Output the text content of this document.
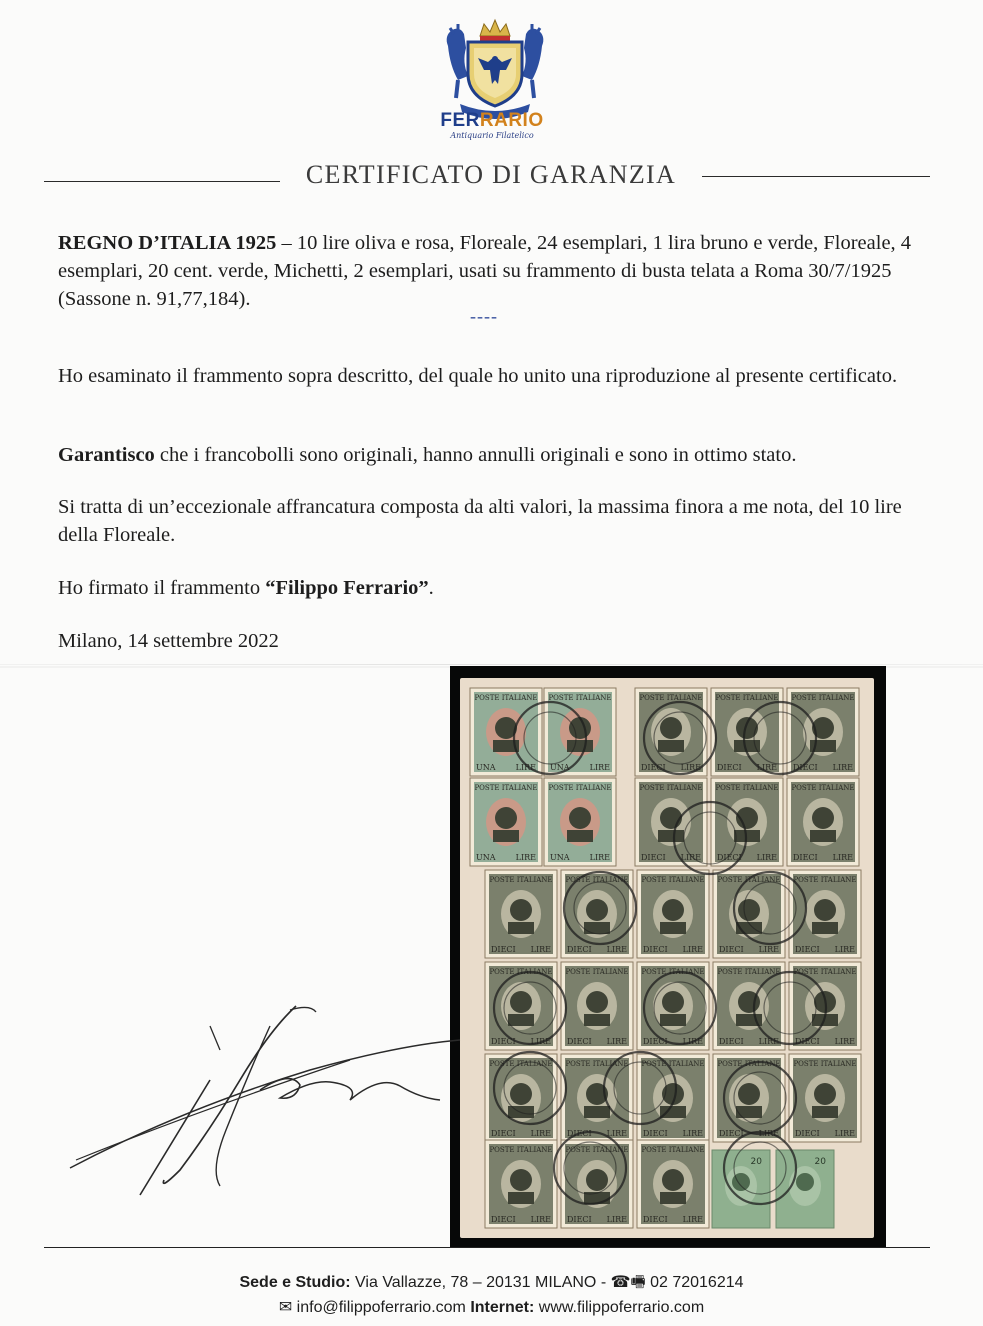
FERRARIO
Antiquario Filatelico
CERTIFICATO DI GARANZIA
REGNO D’ITALIA 1925 – 10 lire oliva e rosa, Floreale, 24 esemplari, 1 lira bruno e verde, Floreale, 4 esemplari, 20 cent. verde, Michetti, 2 esemplari, usati su frammento di busta telata a Roma 30/7/1925 (Sassone n. 91,77,184).
----
Ho esaminato il frammento sopra descritto, del quale ho unito una riproduzione al presente certificato.
Garantisco che i francobolli sono originali, hanno annulli originali e sono in ottimo stato.
Si tratta di un’eccezionale affrancatura composta da alti valori, la massima finora a me nota, del 10 lire della Floreale.
Ho firmato il frammento “Filippo Ferrario”.
Milano, 14 settembre 2022
POSTE ITALIANE
UNA	LIRE
POSTE ITALIANE
UNA	LIRE
POSTE ITALIANE
UNA	LIRE
POSTE ITALIANE
UNA	LIRE
POSTE ITALIANE
DIECI LIRE
POSTE ITALIANE
DIECI LIRE
POSTE ITALIANE
DIECI LIRE
POSTE ITALIANE
DIECI LIRE
POSTE ITALIANE
DIECI LIRE
POSTE ITALIANE
DIECI LIRE
POSTE ITALIANE
DIECI LIRE
POSTE ITALIANE
DIECI LIRE
POSTE ITALIANE
DIECI LIRE
POSTE ITALIANE
DIECI LIRE
POSTE ITALIANE
DIECI LIRE
POSTE ITALIANE
DIECI LIRE
POSTE ITALIANE
DIECI LIRE
POSTE ITALIANE
DIECI LIRE
POSTE ITALIANE
DIECI LIRE
POSTE ITALIANE
DIECI LIRE
POSTE ITALIANE
DIECI LIRE
POSTE ITALIANE
DIECI LIRE
POSTE ITALIANE
DIECI LIRE
POSTE ITALIANE
DIECI LIRE
POSTE ITALIANE
DIECI LIRE
POSTE ITALIANE
DIECI LIRE
POSTE ITALIANE
DIECI LIRE
POSTE ITALIANE
DIECI LIRE
20	20
Sede e Studio: Via Vallazze, 78 – 20131 MILANO - ☎🖷 02 72016214
✉ info@filippoferrario.com Internet: www.filippoferrario.com
